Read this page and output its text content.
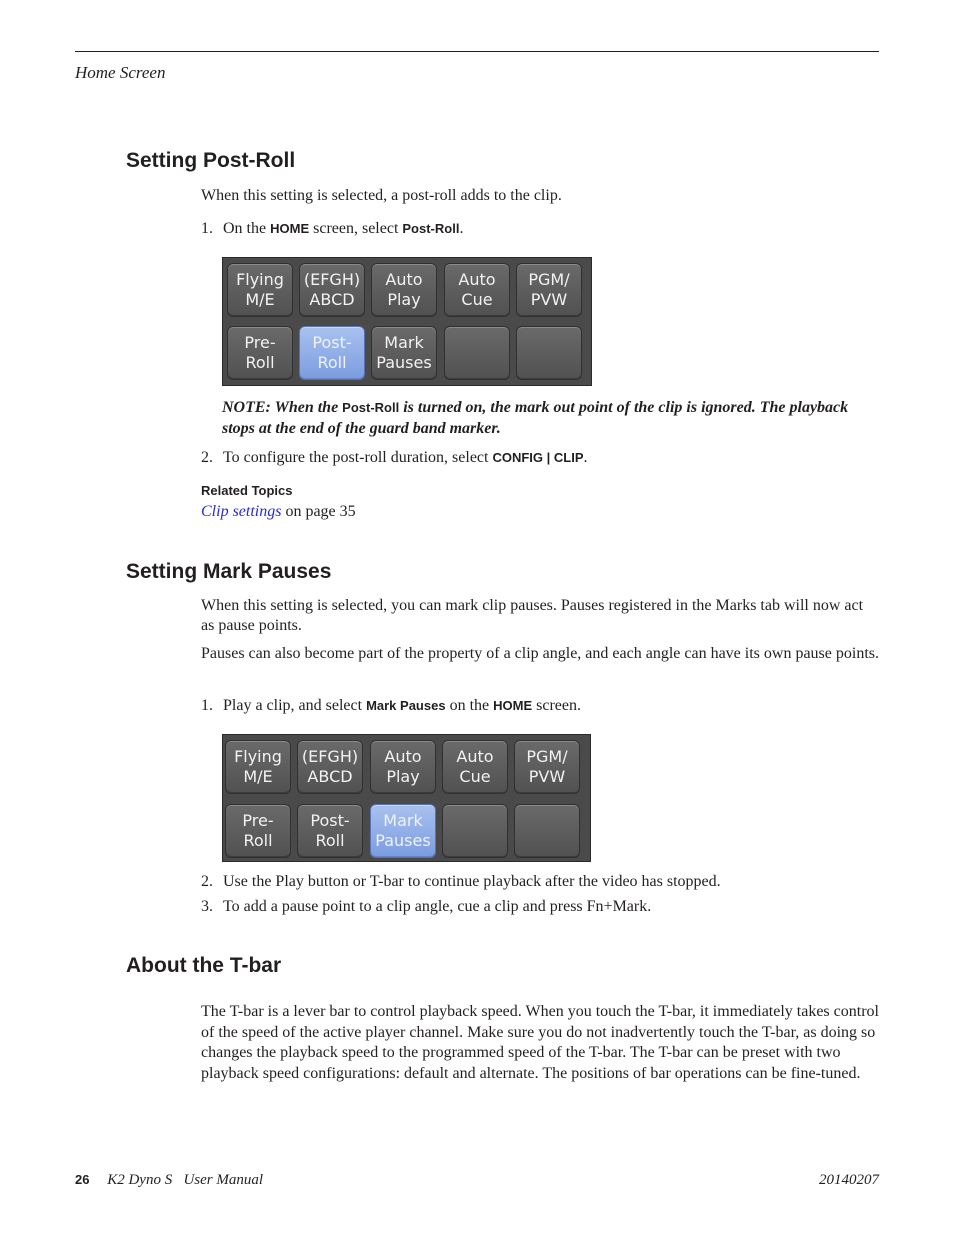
Home Screen
Setting Post-Roll
When this setting is selected, a post-roll adds to the clip.
1. On the HOME screen, select Post-Roll.
Flying
M/E
(EFGH)
ABCD
Auto
Play
Auto
Cue
PGM/
PVW
Pre-
Roll
Post-
Roll
Mark
Pauses
NOTE: When the Post-Roll is turned on, the mark out point of the clip is ignored. The playback stops at the end of the guard band marker.
2. To configure the post-roll duration, select CONFIG | CLIP.
Related Topics
Clip settings on page 35
Setting Mark Pauses
When this setting is selected, you can mark clip pauses. Pauses registered in the Marks tab will now act as pause points.
Pauses can also become part of the property of a clip angle, and each angle can have its own pause points.
1. Play a clip, and select Mark Pauses on the HOME screen.
Flying
M/E
(EFGH)
ABCD
Auto
Play
Auto
Cue
PGM/
PVW
Pre-
Roll
Post-
Roll
Mark
Pauses
2. Use the Play button or T-bar to continue playback after the video has stopped.
3. To add a pause point to a clip angle, cue a clip and press Fn+Mark.
About the T-bar
The T-bar is a lever bar to control playback speed. When you touch the T-bar, it immediately takes control of the speed of the active player channel. Make sure you do not inadvertently touch the T-bar, as doing so changes the playback speed to the programmed speed of the T-bar. The T-bar can be preset with two playback speed configurations: default and alternate. The positions of bar operations can be fine-tuned.
26 K2 Dyno S   User Manual	20140207
